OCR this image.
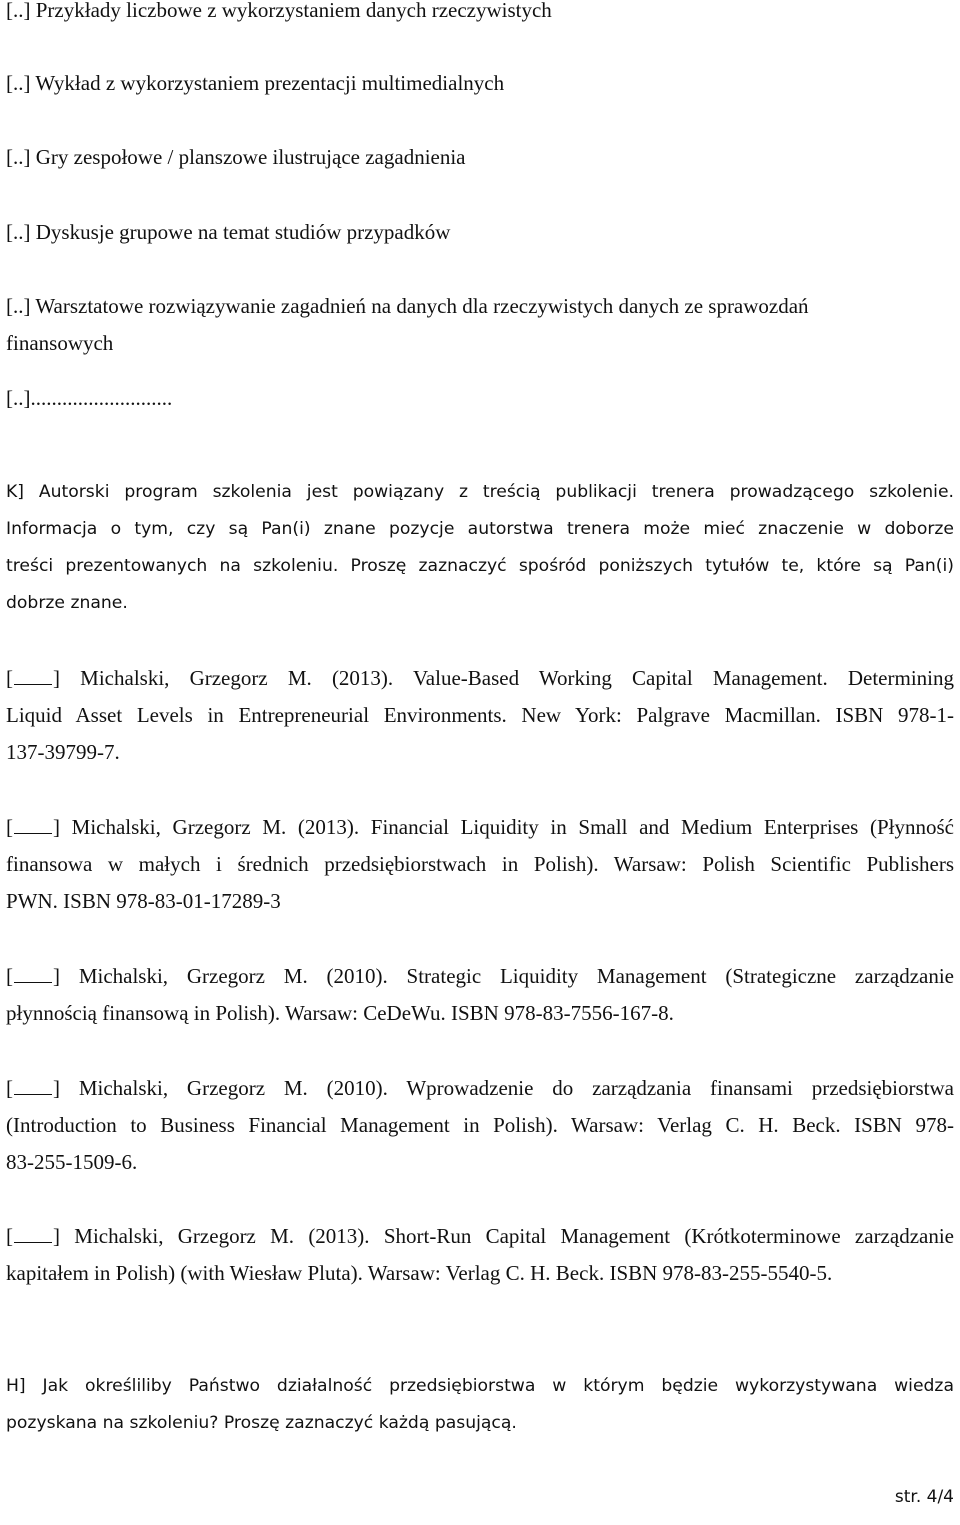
[..] Przykłady liczbowe z wykorzystaniem danych rzeczywistych
[..] Wykład z wykorzystaniem prezentacji multimedialnych
[..] Gry zespołowe / planszowe ilustrujące zagadnienia
[..] Dyskusje grupowe na temat studiów przypadków
[..] Warsztatowe rozwiązywanie zagadnień na danych dla rzeczywistych danych ze sprawozdań
finansowych
[..]...........................
K] Autorski program szkolenia jest powiązany z treścią publikacji trenera prowadzącego szkolenie.
Informacja o tym, czy są Pan(i) znane pozycje autorstwa trenera może mieć znaczenie w doborze
treści prezentowanych na szkoleniu. Proszę zaznaczyć spośród poniższych tytułów te, które są Pan(i)
dobrze znane.
[ ] Michalski, Grzegorz M. (2013). Value-Based Working Capital Management. Determining
Liquid Asset Levels in Entrepreneurial Environments. New York: Palgrave Macmillan. ISBN 978-1-
137-39799-7.
[ ] Michalski, Grzegorz M. (2013). Financial Liquidity in Small and Medium Enterprises (Płynność
finansowa w małych i średnich przedsiębiorstwach in Polish). Warsaw: Polish Scientific Publishers
PWN. ISBN 978-83-01-17289-3
[ ] Michalski, Grzegorz M. (2010). Strategic Liquidity Management (Strategiczne zarządzanie
płynnością finansową in Polish). Warsaw: CeDeWu. ISBN 978-83-7556-167-8.
[ ] Michalski, Grzegorz M. (2010). Wprowadzenie do zarządzania finansami przedsiębiorstwa
(Introduction to Business Financial Management in Polish). Warsaw: Verlag C. H. Beck. ISBN 978-
83-255-1509-6.
[ ] Michalski, Grzegorz M. (2013). Short-Run Capital Management (Krótkoterminowe zarządzanie
kapitałem in Polish) (with Wiesław Pluta). Warsaw: Verlag C. H. Beck. ISBN 978-83-255-5540-5.
H] Jak określiliby Państwo działalność przedsiębiorstwa w którym będzie wykorzystywana wiedza
pozyskana na szkoleniu? Proszę zaznaczyć każdą pasującą.
str. 4/4
